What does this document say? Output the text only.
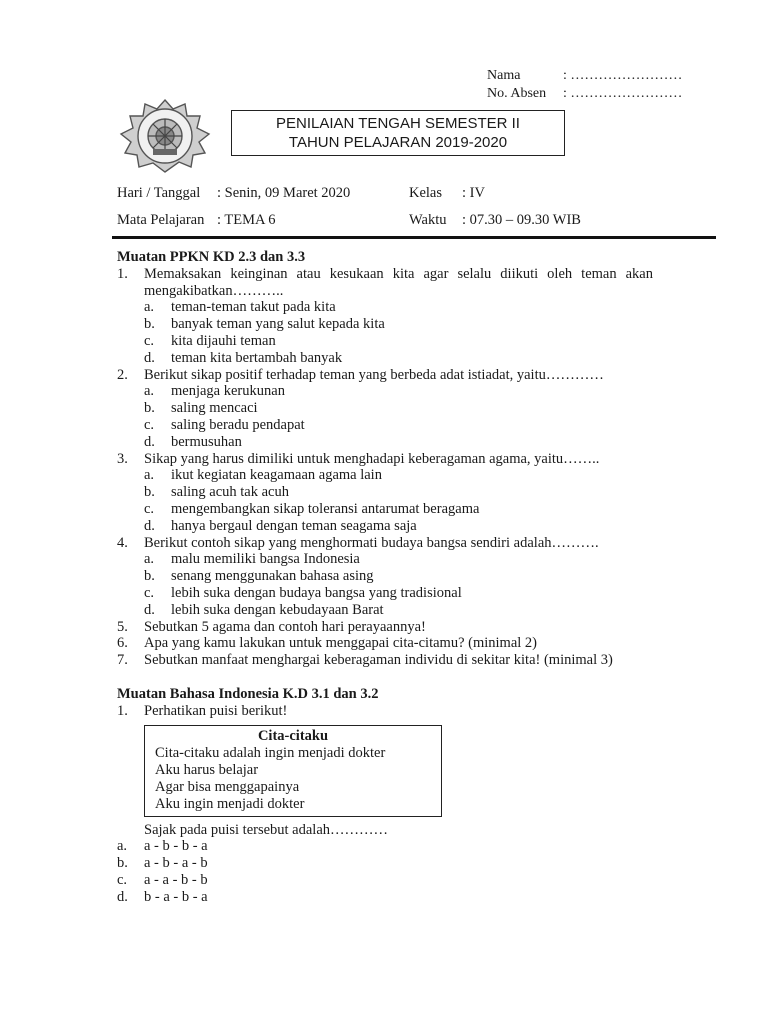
Nama	: ……………………
No. Absen	: ……………………
PENILAIAN TENGAH SEMESTER II
TAHUN PELAJARAN 2019-2020
Hari / Tanggal : Senin, 09 Maret 2020	Kelas : IV
Mata Pelajaran : TEMA 6	Waktu : 07.30 – 09.30 WIB
Muatan PPKN KD 2.3 dan 3.3
1.	Memaksakan keinginan atau kesukaan kita agar selalu diikuti oleh teman akan mengakibatkan………..
a.	teman-teman takut pada kita
b.	banyak teman yang salut kepada kita
c.	kita dijauhi teman
d.	teman kita bertambah banyak
2.	Berikut sikap positif terhadap teman yang berbeda adat istiadat, yaitu…………
a.	menjaga kerukunan
b.	saling mencaci
c.	saling beradu pendapat
d.	bermusuhan
3.	Sikap yang harus dimiliki untuk menghadapi keberagaman agama, yaitu……..
a.	ikut kegiatan keagamaan agama lain
b.	saling acuh tak acuh
c.	mengembangkan sikap toleransi antarumat beragama
d.	hanya bergaul dengan teman seagama saja
4.	Berikut contoh sikap yang menghormati budaya bangsa sendiri adalah……….
a.	malu memiliki bangsa Indonesia
b.	senang menggunakan bahasa asing
c.	lebih suka dengan budaya bangsa yang tradisional
d.	lebih suka dengan kebudayaan Barat
5.	Sebutkan 5 agama dan contoh hari perayaannya!
6.	Apa yang kamu lakukan untuk menggapai cita-citamu? (minimal 2)
7.	Sebutkan manfaat menghargai keberagaman individu di sekitar kita! (minimal 3)
Muatan Bahasa Indonesia K.D 3.1 dan 3.2
1.	Perhatikan puisi berikut!
Cita-citaku
Cita-citaku adalah ingin menjadi dokter
Aku harus belajar
Agar bisa menggapainya
Aku ingin menjadi dokter
Sajak pada puisi tersebut adalah…………
a.	a - b - b - a
b.	a - b - a - b
c.	a - a - b - b
d.	b - a - b - a
